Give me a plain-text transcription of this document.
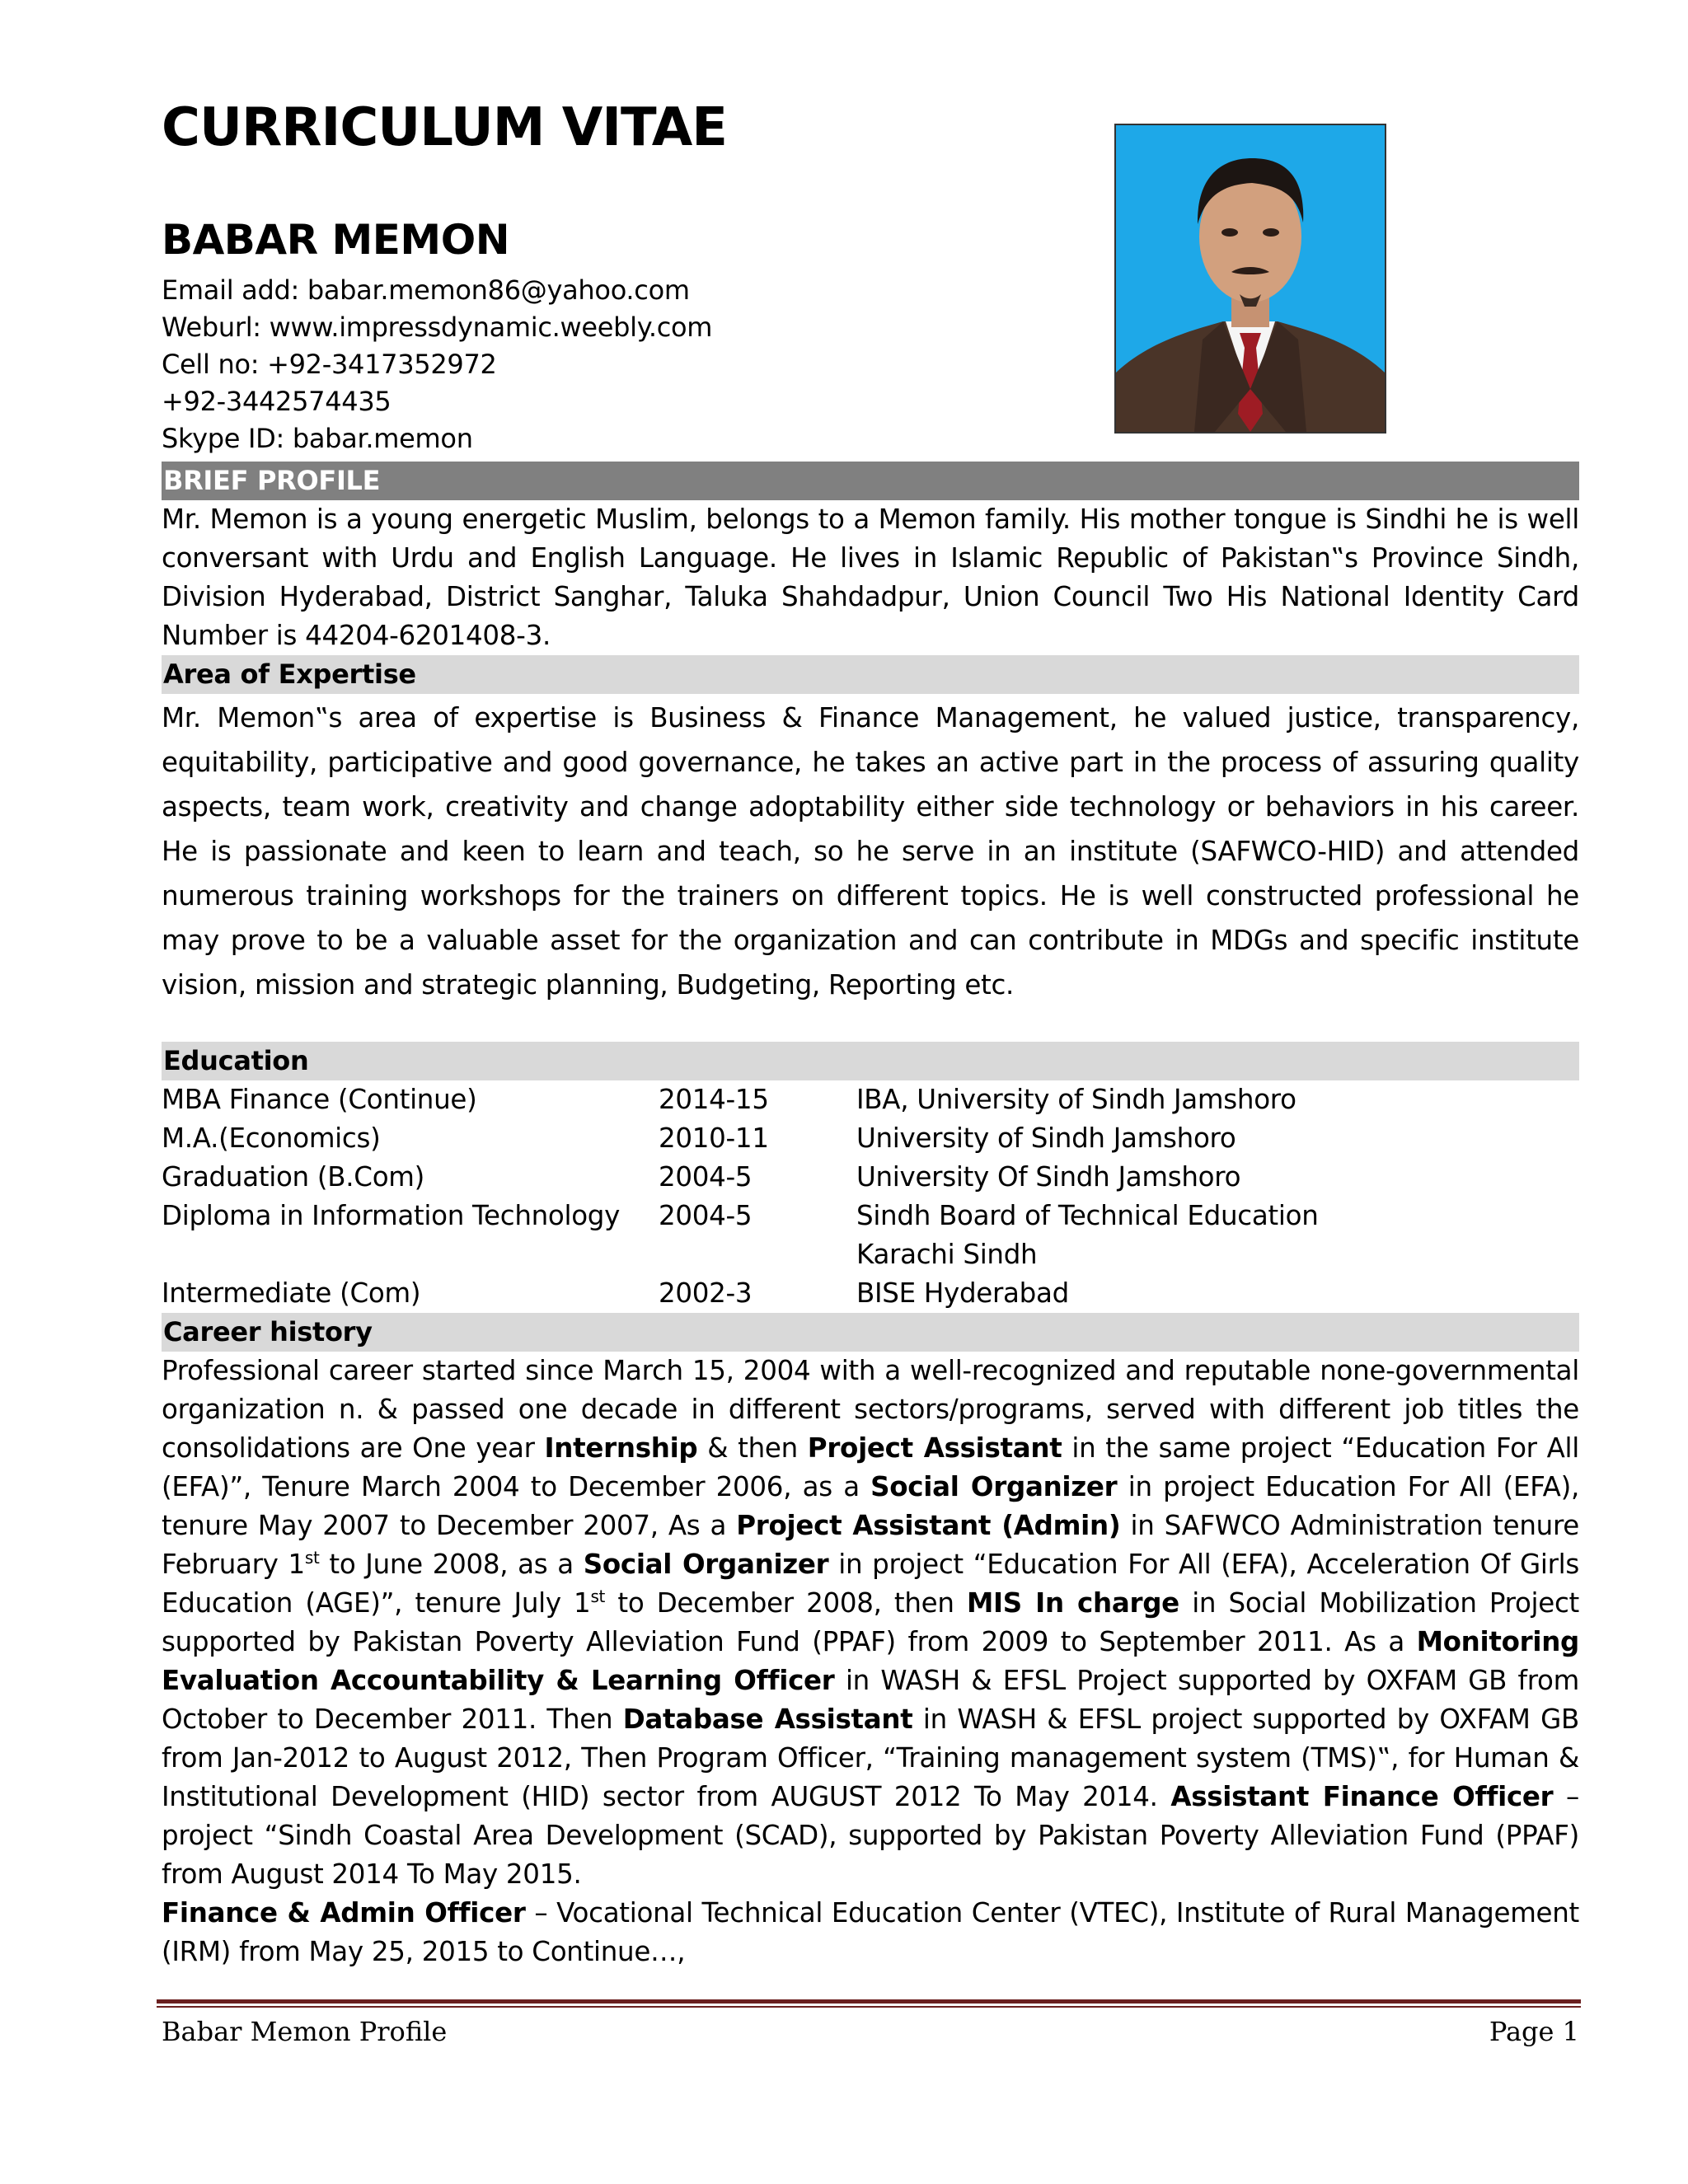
CURRICULUM VITAE
BABAR MEMON
Email add: babar.memon86@yahoo.com
Weburl: www.impressdynamic.weebly.com
Cell no: +92-3417352972
+92-3442574435
Skype ID: babar.memon
BRIEF PROFILE

Mr. Memon is a young energetic Muslim, belongs to a Memon family. His mother tongue is Sindhi he is well conversant with Urdu and English Language. He lives in Islamic Republic of Pakistan‟s Province Sindh, Division Hyderabad, District Sanghar, Taluka Shahdadpur, Union Council Two His National Identity Card Number is 44204-6201408-3.

Area of Expertise

Mr. Memon‟s area of expertise is Business & Finance Management, he valued justice, transparency, equitability, participative and good governance, he takes an active part in the process of assuring quality aspects, team work, creativity and change adoptability either side technology or behaviors in his career. He is passionate and keen to learn and teach, so he serve in an institute (SAFWCO-HID) and attended numerous training workshops for the trainers on different topics. He is well constructed professional he may prove to be a valuable asset for the organization and can contribute in MDGs and specific institute vision, mission and strategic planning, Budgeting, Reporting etc.

Education
MBA Finance (Continue)	2014-15	IBA, University of Sindh Jamshoro
M.A.(Economics)	2010-11	University of Sindh Jamshoro
Graduation (B.Com)	2004-5	University Of Sindh Jamshoro
Diploma in Information Technology	2004-5	Sindh Board of Technical Education Karachi Sindh
Intermediate (Com)	2002-3	BISE Hyderabad
Career history

Professional career started since March 15, 2004 with a well-recognized and reputable none-governmental organization n. & passed one decade in different sectors/programs, served with different job titles the consolidations are One year Internship & then Project Assistant in the same project “Education For All (EFA)”, Tenure March 2004 to December 2006, as a Social Organizer in project Education For All (EFA), tenure May 2007 to December 2007, As a Project Assistant (Admin) in SAFWCO Administration tenure February 1st to June 2008, as a Social Organizer in project “Education For All (EFA), Acceleration Of Girls Education (AGE)”, tenure July 1st to December 2008, then MIS In charge in Social Mobilization Project supported by Pakistan Poverty Alleviation Fund (PPAF) from 2009 to September 2011. As a Monitoring Evaluation Accountability & Learning Officer in WASH & EFSL Project supported by OXFAM GB from October to December 2011. Then Database Assistant in WASH & EFSL project supported by OXFAM GB from Jan-2012 to August 2012, Then Program Officer, “Training management system (TMS)‟, for Human & Institutional Development (HID) sector from AUGUST 2012 To May 2014. Assistant Finance Officer – project “Sindh Coastal Area Development (SCAD), supported by Pakistan Poverty Alleviation Fund (PPAF) from August 2014 To May 2015.

Finance & Admin Officer – Vocational Technical Education Center (VTEC), Institute of Rural Management (IRM) from May 25, 2015 to Continue…,

Babar Memon Profile	Page 1
